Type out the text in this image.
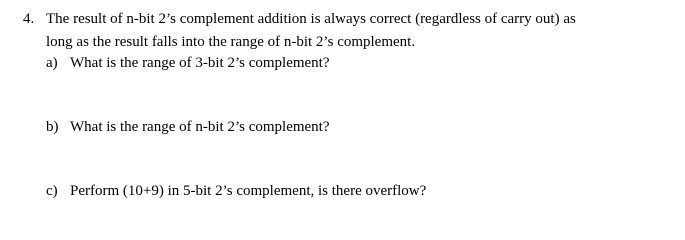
4. The result of n-bit 2’s complement addition is always correct (regardless of carry out) as
long as the result falls into the range of n-bit 2’s complement.
a) What is the range of 3-bit 2’s complement?
b) What is the range of n-bit 2’s complement?
c) Perform (10+9) in 5-bit 2’s complement, is there overflow?
